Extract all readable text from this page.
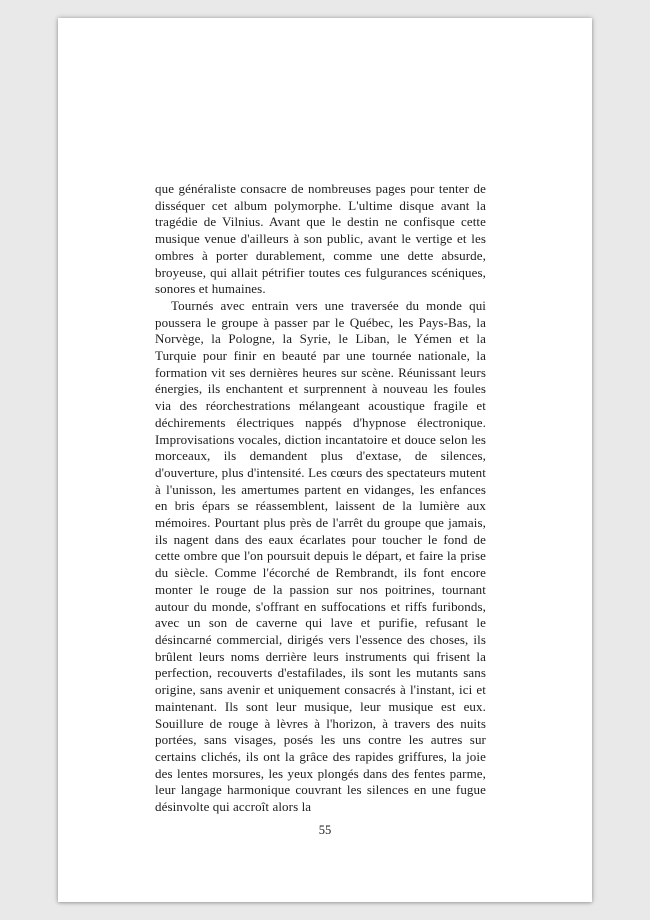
que généraliste consacre de nombreuses pages pour tenter de disséquer cet album polymorphe. L'ultime disque avant la tragédie de Vilnius. Avant que le destin ne confisque cette musique venue d'ailleurs à son public, avant le vertige et les ombres à porter durablement, comme une dette absurde, broyeuse, qui allait pétrifier toutes ces fulgurances scéniques, sonores et humaines.

Tournés avec entrain vers une traversée du monde qui poussera le groupe à passer par le Québec, les Pays-Bas, la Norvège, la Pologne, la Syrie, le Liban, le Yémen et la Turquie pour finir en beauté par une tournée nationale, la formation vit ses dernières heures sur scène. Réunissant leurs énergies, ils enchantent et surprennent à nouveau les foules via des réorchestrations mélangeant acoustique fragile et déchirements électriques nappés d'hypnose électronique. Improvisations vocales, diction incantatoire et douce selon les morceaux, ils demandent plus d'extase, de silences, d'ouverture, plus d'intensité. Les cœurs des spectateurs mutent à l'unisson, les amertumes partent en vidanges, les enfances en bris épars se réassemblent, laissent de la lumière aux mémoires. Pourtant plus près de l'arrêt du groupe que jamais, ils nagent dans des eaux écarlates pour toucher le fond de cette ombre que l'on poursuit depuis le départ, et faire la prise du siècle. Comme l'écorché de Rembrandt, ils font encore monter le rouge de la passion sur nos poitrines, tournant autour du monde, s'offrant en suffocations et riffs furibonds, avec un son de caverne qui lave et purifie, refusant le désincarné commercial, dirigés vers l'essence des choses, ils brûlent leurs noms derrière leurs instruments qui frisent la perfection, recouverts d'estafilades, ils sont les mutants sans origine, sans avenir et uniquement consacrés à l'instant, ici et maintenant. Ils sont leur musique, leur musique est eux. Souillure de rouge à lèvres à l'horizon, à travers des nuits portées, sans visages, posés les uns contre les autres sur certains clichés, ils ont la grâce des rapides griffures, la joie des lentes morsures, les yeux plongés dans des fentes parme, leur langage harmonique couvrant les silences en une fugue désinvolte qui accroît alors la

55
